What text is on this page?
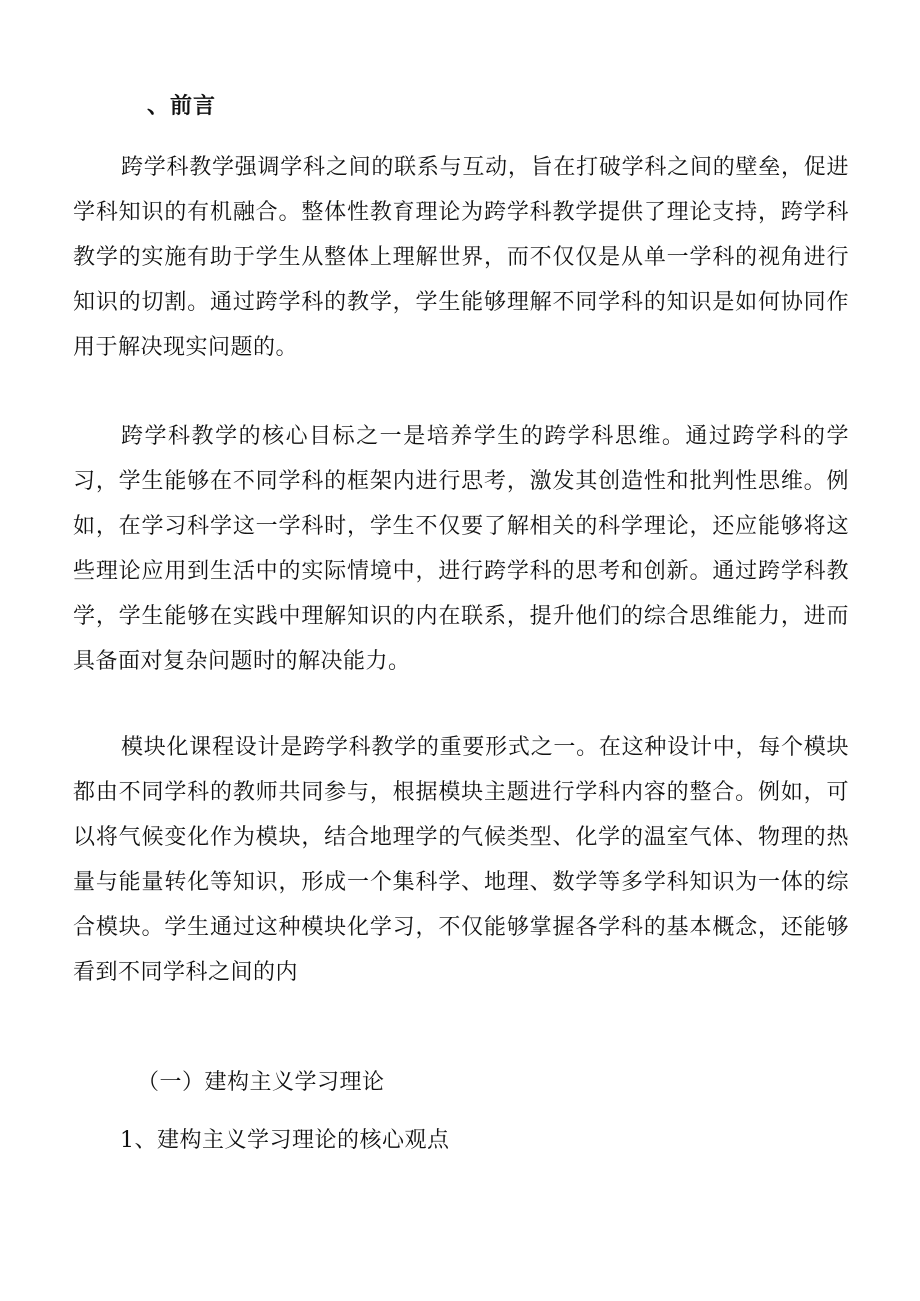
、前言

跨学科教学强调学科之间的联系与互动，旨在打破学科之间的壁垒，促进学科知识的有机融合。整体性教育理论为跨学科教学提供了理论支持，跨学科教学的实施有助于学生从整体上理解世界，而不仅仅是从单一学科的视角进行知识的切割。通过跨学科的教学，学生能够理解不同学科的知识是如何协同作用于解决现实问题的。

跨学科教学的核心目标之一是培养学生的跨学科思维。通过跨学科的学习，学生能够在不同学科的框架内进行思考，激发其创造性和批判性思维。例如，在学习科学这一学科时，学生不仅要了解相关的科学理论，还应能够将这些理论应用到生活中的实际情境中，进行跨学科的思考和创新。通过跨学科教学，学生能够在实践中理解知识的内在联系，提升他们的综合思维能力，进而具备面对复杂问题时的解决能力。

模块化课程设计是跨学科教学的重要形式之一。在这种设计中，每个模块都由不同学科的教师共同参与，根据模块主题进行学科内容的整合。例如，可以将气候变化作为模块，结合地理学的气候类型、化学的温室气体、物理的热量与能量转化等知识，形成一个集科学、地理、数学等多学科知识为一体的综合模块。学生通过这种模块化学习，不仅能够掌握各学科的基本概念，还能够看到不同学科之间的内

（一）建构主义学习理论
1、建构主义学习理论的核心观点
